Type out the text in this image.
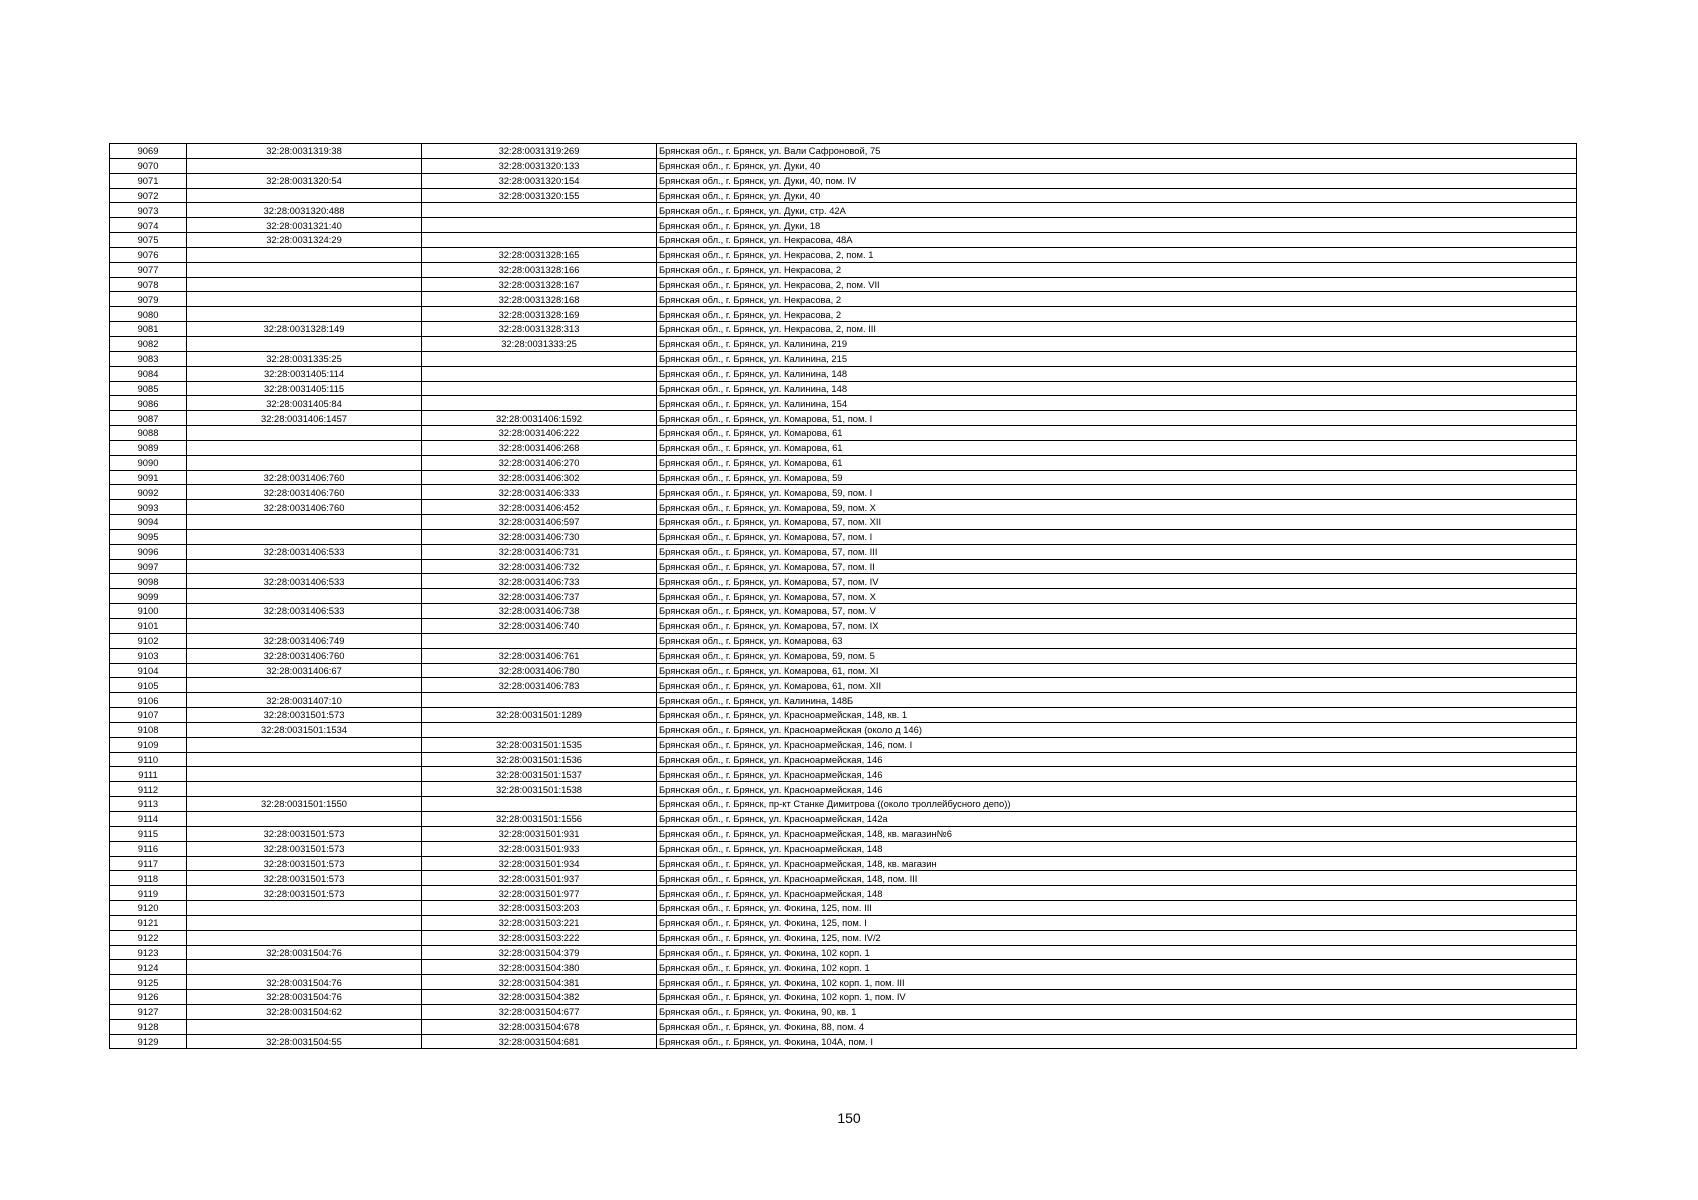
9069	32:28:0031319:38	32:28:0031319:269	Брянская обл., г. Брянск, ул. Вали Сафроновой, 75
9070		32:28:0031320:133	Брянская обл., г. Брянск, ул. Дуки, 40
9071	32:28:0031320:54	32:28:0031320:154	Брянская обл., г. Брянск, ул. Дуки, 40, пом. IV
9072		32:28:0031320:155	Брянская обл., г. Брянск, ул. Дуки, 40
9073	32:28:0031320:488		Брянская обл., г. Брянск, ул. Дуки, стр. 42А
9074	32:28:0031321:40		Брянская обл., г. Брянск, ул. Дуки, 18
9075	32:28:0031324:29		Брянская обл., г. Брянск, ул. Некрасова, 48А
9076		32:28:0031328:165	Брянская обл., г. Брянск, ул. Некрасова, 2, пом. 1
9077		32:28:0031328:166	Брянская обл., г. Брянск, ул. Некрасова, 2
9078		32:28:0031328:167	Брянская обл., г. Брянск, ул. Некрасова, 2, пом. VII
9079		32:28:0031328:168	Брянская обл., г. Брянск, ул. Некрасова, 2
9080		32:28:0031328:169	Брянская обл., г. Брянск, ул. Некрасова, 2
9081	32:28:0031328:149	32:28:0031328:313	Брянская обл., г. Брянск, ул. Некрасова, 2, пом. III
9082		32:28:0031333:25	Брянская обл., г. Брянск, ул. Калинина, 219
9083	32:28:0031335:25		Брянская обл., г. Брянск, ул. Калинина, 215
9084	32:28:0031405:114		Брянская обл., г. Брянск, ул. Калинина, 148
9085	32:28:0031405:115		Брянская обл., г. Брянск, ул. Калинина, 148
9086	32:28:0031405:84		Брянская обл., г. Брянск, ул. Калинина, 154
9087	32:28:0031406:1457	32:28:0031406:1592	Брянская обл., г. Брянск, ул. Комарова, 51, пом. I
9088		32:28:0031406:222	Брянская обл., г. Брянск, ул. Комарова, 61
9089		32:28:0031406:268	Брянская обл., г. Брянск, ул. Комарова, 61
9090		32:28:0031406:270	Брянская обл., г. Брянск, ул. Комарова, 61
9091	32:28:0031406:760	32:28:0031406:302	Брянская обл., г. Брянск, ул. Комарова, 59
9092	32:28:0031406:760	32:28:0031406:333	Брянская обл., г. Брянск, ул. Комарова, 59, пом. I
9093	32:28:0031406:760	32:28:0031406:452	Брянская обл., г. Брянск, ул. Комарова, 59, пом. X
9094		32:28:0031406:597	Брянская обл., г. Брянск, ул. Комарова, 57, пом. XII
9095		32:28:0031406:730	Брянская обл., г. Брянск, ул. Комарова, 57, пом. I
9096	32:28:0031406:533	32:28:0031406:731	Брянская обл., г. Брянск, ул. Комарова, 57, пом. III
9097		32:28:0031406:732	Брянская обл., г. Брянск, ул. Комарова, 57, пом. II
9098	32:28:0031406:533	32:28:0031406:733	Брянская обл., г. Брянск, ул. Комарова, 57, пом. IV
9099		32:28:0031406:737	Брянская обл., г. Брянск, ул. Комарова, 57, пом. X
9100	32:28:0031406:533	32:28:0031406:738	Брянская обл., г. Брянск, ул. Комарова, 57, пом. V
9101		32:28:0031406:740	Брянская обл., г. Брянск, ул. Комарова, 57, пом. IX
9102	32:28:0031406:749		Брянская обл., г. Брянск, ул. Комарова, 63
9103	32:28:0031406:760	32:28:0031406:761	Брянская обл., г. Брянск, ул. Комарова, 59, пом. 5
9104	32:28:0031406:67	32:28:0031406:780	Брянская обл., г. Брянск, ул. Комарова, 61, пом. XI
9105		32:28:0031406:783	Брянская обл., г. Брянск, ул. Комарова, 61, пом. XII
9106	32:28:0031407:10		Брянская обл., г. Брянск, ул. Калинина, 148Б
9107	32:28:0031501:573	32:28:0031501:1289	Брянская обл., г. Брянск, ул. Красноармейская, 148, кв. 1
9108	32:28:0031501:1534		Брянская обл., г. Брянск, ул. Красноармейская (около д 146)
9109		32:28:0031501:1535	Брянская обл., г. Брянск, ул. Красноармейская, 146, пом. I
9110		32:28:0031501:1536	Брянская обл., г. Брянск, ул. Красноармейская, 146
9111		32:28:0031501:1537	Брянская обл., г. Брянск, ул. Красноармейская, 146
9112		32:28:0031501:1538	Брянская обл., г. Брянск, ул. Красноармейская, 146
9113	32:28:0031501:1550		Брянская обл., г. Брянск, пр-кт Станке Димитрова ((около троллейбусного депо))
9114		32:28:0031501:1556	Брянская обл., г. Брянск, ул. Красноармейская, 142а
9115	32:28:0031501:573	32:28:0031501:931	Брянская обл., г. Брянск, ул. Красноармейская, 148, кв. магазин№6
9116	32:28:0031501:573	32:28:0031501:933	Брянская обл., г. Брянск, ул. Красноармейская, 148
9117	32:28:0031501:573	32:28:0031501:934	Брянская обл., г. Брянск, ул. Красноармейская, 148, кв. магазин
9118	32:28:0031501:573	32:28:0031501:937	Брянская обл., г. Брянск, ул. Красноармейская, 148, пом. III
9119	32:28:0031501:573	32:28:0031501:977	Брянская обл., г. Брянск, ул. Красноармейская, 148
9120		32:28:0031503:203	Брянская обл., г. Брянск, ул. Фокина, 125, пом. III
9121		32:28:0031503:221	Брянская обл., г. Брянск, ул. Фокина, 125, пом. I
9122		32:28:0031503:222	Брянская обл., г. Брянск, ул. Фокина, 125, пом. IV/2
9123	32:28:0031504:76	32:28:0031504:379	Брянская обл., г. Брянск, ул. Фокина, 102 корп. 1
9124		32:28:0031504:380	Брянская обл., г. Брянск, ул. Фокина, 102 корп. 1
9125	32:28:0031504:76	32:28:0031504:381	Брянская обл., г. Брянск, ул. Фокина, 102 корп. 1, пом. III
9126	32:28:0031504:76	32:28:0031504:382	Брянская обл., г. Брянск, ул. Фокина, 102 корп. 1, пом. IV
9127	32:28:0031504:62	32:28:0031504:677	Брянская обл., г. Брянск, ул. Фокина, 90, кв. 1
9128		32:28:0031504:678	Брянская обл., г. Брянск, ул. Фокина, 88, пом. 4
9129	32:28:0031504:55	32:28:0031504:681	Брянская обл., г. Брянск, ул. Фокина, 104А, пом. I
150
